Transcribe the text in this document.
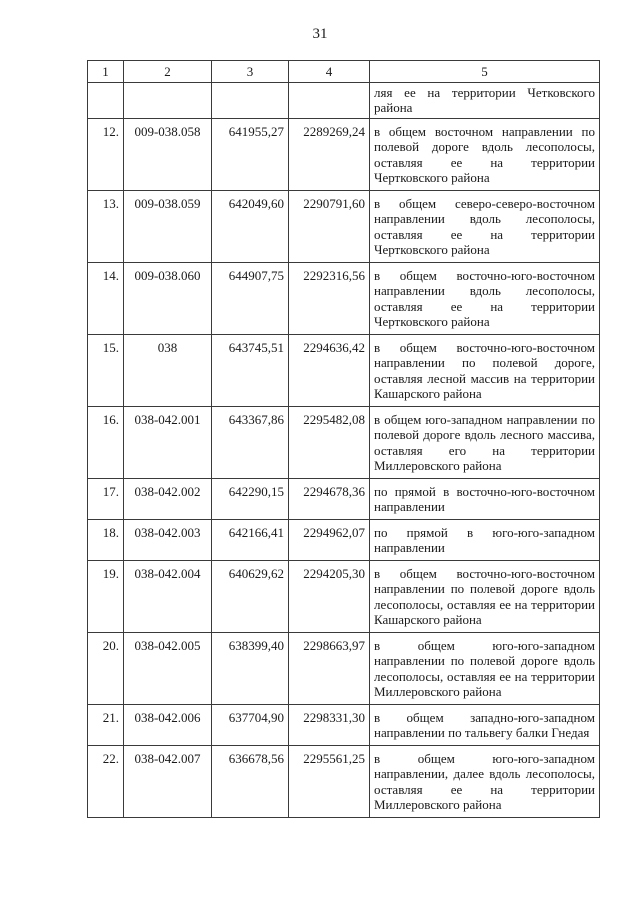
31
1	2	3	4	5
				ляя ее на территории Четковского района
12.	009-038.058	641955,27	2289269,24	в общем восточном направлении по полевой дороге вдоль лесополосы, оставляя ее на территории Чертковского района
13.	009-038.059	642049,60	2290791,60	в общем северо-северо-восточном направлении вдоль лесополосы, оставляя ее на территории Чертковского района
14.	009-038.060	644907,75	2292316,56	в общем восточно-юго-восточном направлении вдоль лесополосы, оставляя ее на территории Чертковского района
15.	038	643745,51	2294636,42	в общем восточно-юго-восточном направлении по полевой дороге, оставляя лесной массив на территории Кашарского района
16.	038-042.001	643367,86	2295482,08	в общем юго-западном направлении по полевой дороге вдоль лесного массива, оставляя его на территории Миллеровского района
17.	038-042.002	642290,15	2294678,36	по прямой в восточно-юго-восточном направлении
18.	038-042.003	642166,41	2294962,07	по прямой в юго-юго-западном направлении
19.	038-042.004	640629,62	2294205,30	в общем восточно-юго-восточном направлении по полевой дороге вдоль лесополосы, оставляя ее на территории Кашарского района
20.	038-042.005	638399,40	2298663,97	в общем юго-юго-западном направлении по полевой дороге вдоль лесополосы, оставляя ее на территории Миллеровского района
21.	038-042.006	637704,90	2298331,30	в общем западно-юго-западном направлении по тальвегу балки Гнедая
22.	038-042.007	636678,56	2295561,25	в общем юго-юго-западном направлении, далее вдоль лесополосы, оставляя ее на территории Миллеровского района
